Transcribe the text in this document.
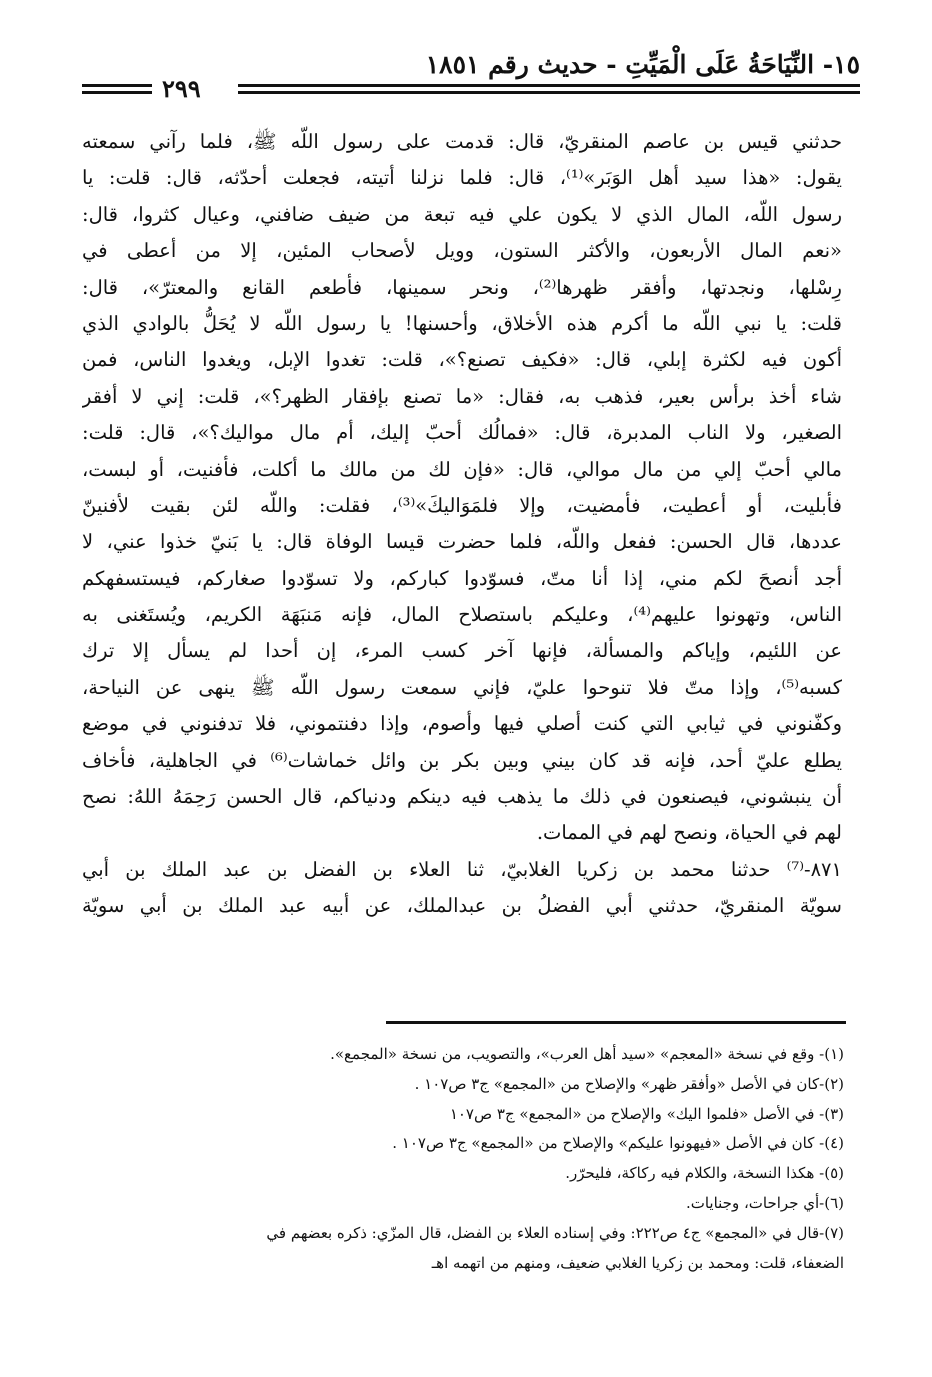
١٥- النِّيَاحَةُ عَلَى الْمَيِّتِ - حديث رقم ١٨٥١
٢٩٩

حدثني قيس بن عاصم المنقريّ، قال: قدمت على رسول اللّه ﷺ، فلما رآني سمعته
يقول: «هذا سيد أهل الوَبَر»⁽¹⁾، قال: فلما نزلنا أتيته، فجعلت أحدّثه، قال: قلت: يا
رسول اللّه، المال الذي لا يكون علي فيه تبعة من ضيف ضافني، وعيال كثروا، قال:
«نعم المال الأربعون، والأكثر الستون، وويل لأصحاب المئين، إلا من أعطى في
رِسْلها، ونجدتها، وأفقر ظهرها⁽²⁾، ونحر سمينها، فأطعم القانع والمعترّ»، قال:
قلت: يا نبي اللّه ما أكرم هذه الأخلاق، وأحسنها! يا رسول اللّه لا يُحَلُّ بالوادي الذي
أكون فيه لكثرة إبلي، قال: «فكيف تصنع؟»، قلت: تغدوا الإبل، ويغدوا الناس، فمن
شاء أخذ برأس بعير، فذهب به، فقال: «ما تصنع بإفقار الظهر؟»، قلت: إني لا أفقر
الصغير، ولا الناب المدبرة، قال: «فمالُك أحبّ إليك، أم مال مواليك؟»، قال: قلت:
مالي أحبّ إلي من مال موالي، قال: «فإن لك من مالك ما أكلت، فأفنيت، أو لبست،
فأبليت، أو أعطيت، فأمضيت، وإلا فلمَوَاليكَ»⁽³⁾، فقلت: واللّه لئن بقيت لأفنينّ
عددها، قال الحسن: ففعل واللّه، فلما حضرت قيسا الوفاة قال: يا بَنيّ خذوا عني، لا
أجد أنصحَ لكم مني، إذا أنا متّ، فسوّدوا كباركم، ولا تسوّدوا صغاركم، فيستسفهكم
الناس، وتهونوا عليهم⁽⁴⁾، وعليكم باستصلاح المال، فإنه مَنبَهَة الكريم، ويُستَغنى به
عن اللئيم، وإياكم والمسألة، فإنها آخر كسب المرء، إن أحدا لم يسأل إلا ترك
كسبه⁽⁵⁾، وإذا متّ فلا تنوحوا عليّ، فإني سمعت رسول اللّه ﷺ ينهى عن النياحة،
وكفّنوني في ثيابي التي كنت أصلي فيها وأصوم، وإذا دفنتموني، فلا تدفنوني في موضع
يطلع عليّ أحد، فإنه قد كان بيني وبين بكر بن وائل خماشات⁽⁶⁾ في الجاهلية، فأخاف
أن ينبشوني، فيصنعون في ذلك ما يذهب فيه دينكم ودنياكم، قال الحسن رَحِمَهُ اللهُ: نصح
لهم في الحياة، ونصح لهم في الممات.
٨٧١-⁽⁷⁾ حدثنا محمد بن زكريا الغلابيّ، ثنا العلاء بن الفضل بن عبد الملك بن أبي
سويّة المنقريّ، حدثني أبي الفضلُ بن عبدالملك، عن أبيه عبد الملك بن أبي سويّة

(١)- وقع في نسخة «المعجم» «سيد أهل العرب»، والتصويب، من نسخة «المجمع».
(٢)-كان في الأصل «وأفقر ظهر» والإصلاح من «المجمع» ج٣ ص١٠٧ .
(٣)- في الأصل «فلموا اليك» والإصلاح من «المجمع» ج٣ ص١٠٧
(٤)- كان في الأصل «فيهونوا عليكم» والإصلاح من «المجمع» ج٣ ص١٠٧ .
(٥)- هكذا النسخة، والكلام فيه ركاكة، فليحرّر.
(٦)-أي جراحات، وجنايات.
(٧)-قال في «المجمع» ج٤ ص٢٢٢: وفي إسناده العلاء بن الفضل، قال المزّي: ذكره بعضهم في
الضعفاء، قلت: ومحمد بن زكريا الغلابي ضعيف، ومنهم من اتهمه اهـ
